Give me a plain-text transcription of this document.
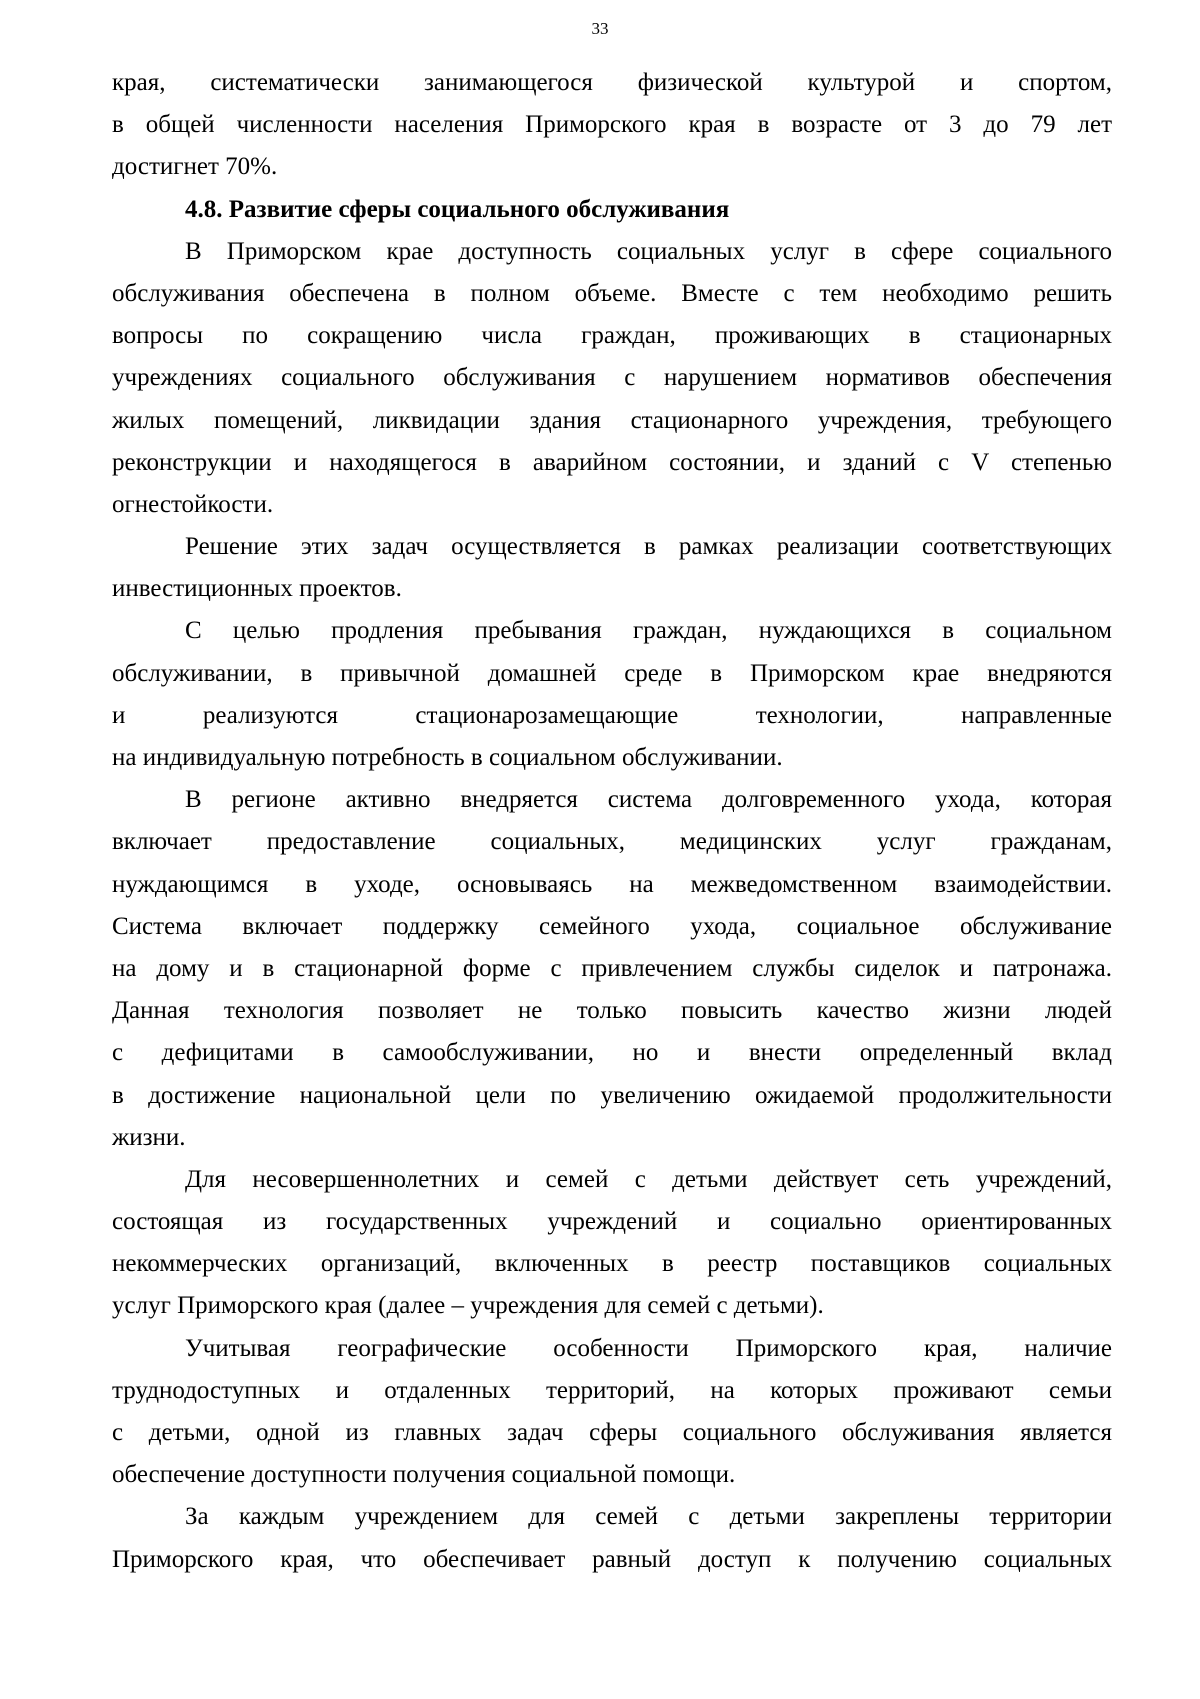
33
края, систематически занимающегося физической культурой и спортом,
в общей численности населения Приморского края в возрасте от 3 до 79 лет
достигнет 70%.
4.8. Развитие сферы социального обслуживания
В Приморском крае доступность социальных услуг в сфере социального
обслуживания обеспечена в полном объеме. Вместе с тем необходимо решить
вопросы по сокращению числа граждан, проживающих в стационарных
учреждениях социального обслуживания с нарушением нормативов обеспечения
жилых помещений, ликвидации здания стационарного учреждения, требующего
реконструкции и находящегося в аварийном состоянии, и зданий с V степенью
огнестойкости.
Решение этих задач осуществляется в рамках реализации соответствующих
инвестиционных проектов.
С целью продления пребывания граждан, нуждающихся в социальном
обслуживании, в привычной домашней среде в Приморском крае внедряются
и реализуются стационарозамещающие технологии, направленные
на индивидуальную потребность в социальном обслуживании.
В регионе активно внедряется система долговременного ухода, которая
включает предоставление социальных, медицинских услуг гражданам,
нуждающимся в уходе, основываясь на межведомственном взаимодействии.
Система включает поддержку семейного ухода, социальное обслуживание
на дому и в стационарной форме с привлечением службы сиделок и патронажа.
Данная технология позволяет не только повысить качество жизни людей
с дефицитами в самообслуживании, но и внести определенный вклад
в достижение национальной цели по увеличению ожидаемой продолжительности
жизни.
Для несовершеннолетних и семей с детьми действует сеть учреждений,
состоящая из государственных учреждений и социально ориентированных
некоммерческих организаций, включенных в реестр поставщиков социальных
услуг Приморского края (далее – учреждения для семей с детьми).
Учитывая географические особенности Приморского края, наличие
труднодоступных и отдаленных территорий, на которых проживают семьи
с детьми, одной из главных задач сферы социального обслуживания является
обеспечение доступности получения социальной помощи.
За каждым учреждением для семей с детьми закреплены территории
Приморского края, что обеспечивает равный доступ к получению социальных
